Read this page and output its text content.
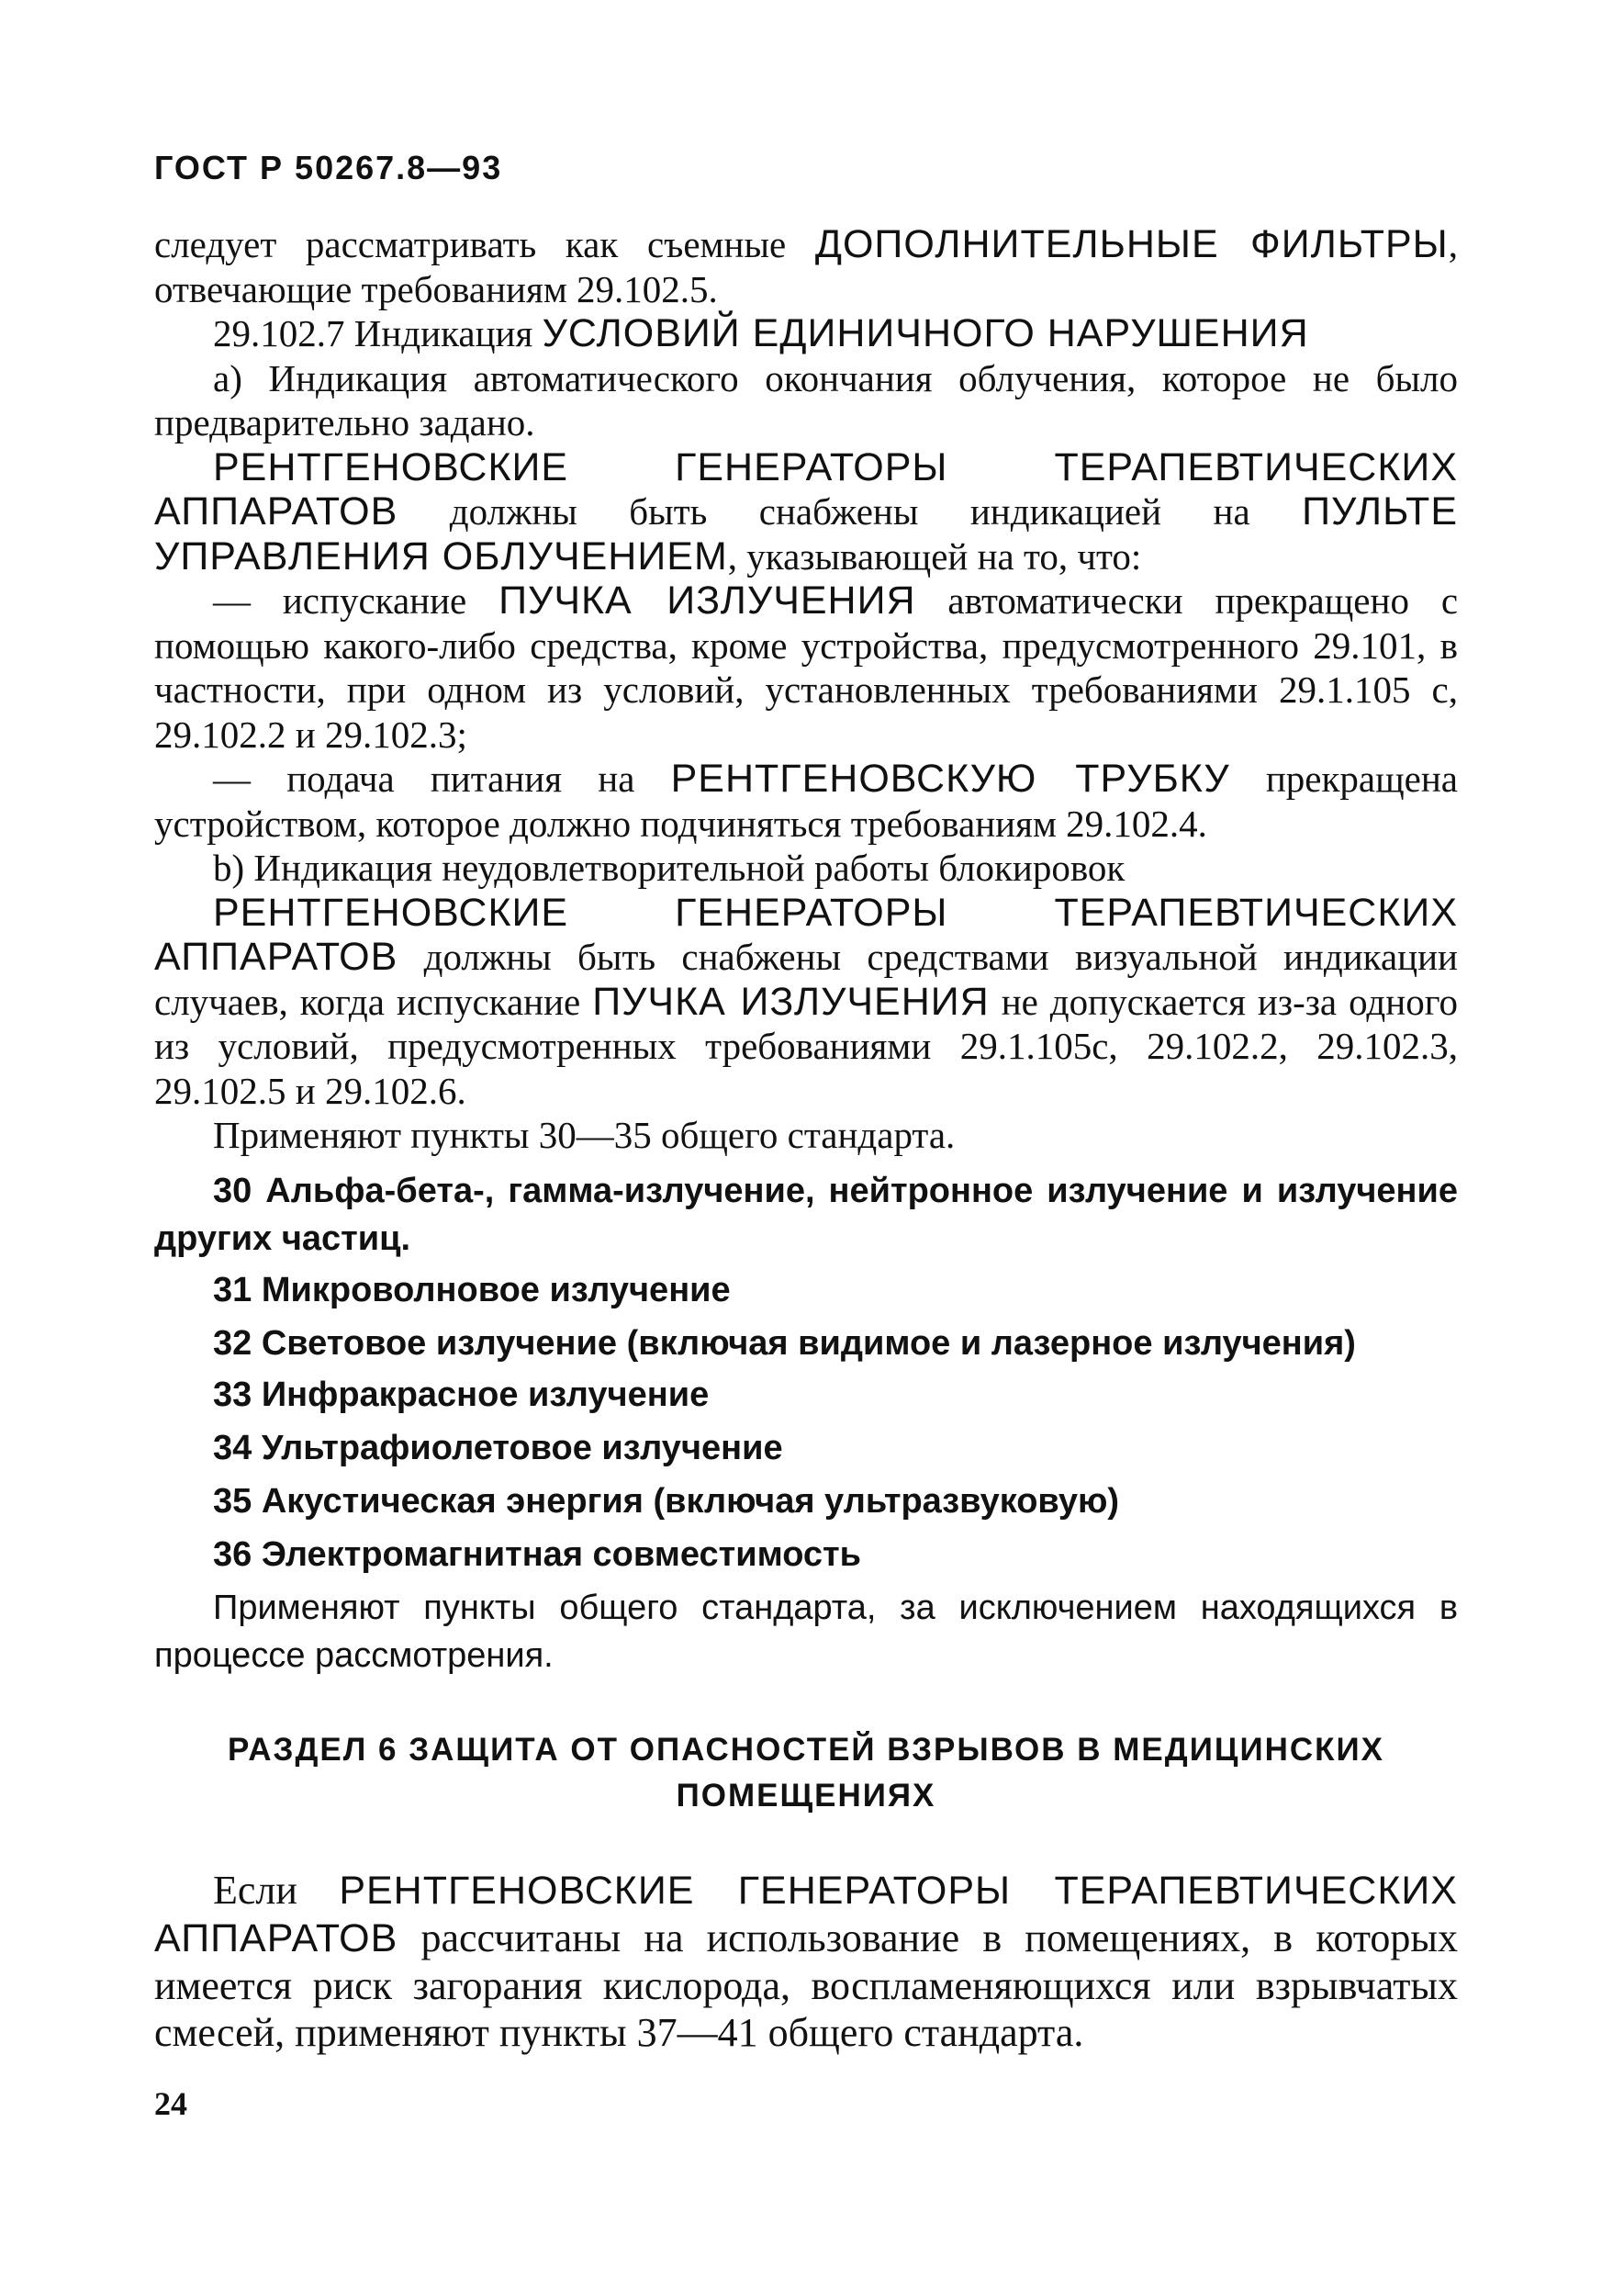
ГОСТ Р 50267.8—93

следует рассматривать как съемные ДОПОЛНИТЕЛЬНЫЕ ФИЛЬТРЫ, отвечающие требованиям 29.102.5.

29.102.7 Индикация УСЛОВИЙ ЕДИНИЧНОГО НАРУШЕНИЯ

а) Индикация автоматического окончания облучения, которое не было предварительно задано.

РЕНТГЕНОВСКИЕ ГЕНЕРАТОРЫ ТЕРАПЕВТИЧЕСКИХ АППАРАТОВ должны быть снабжены индикацией на ПУЛЬТЕ УПРАВЛЕНИЯ ОБЛУЧЕНИЕМ, указывающей на то, что:

— испускание ПУЧКА ИЗЛУЧЕНИЯ автоматически прекращено с помощью какого-либо средства, кроме устройства, предусмотренного 29.101, в частности, при одном из условий, установленных требованиями 29.1.105 с, 29.102.2 и 29.102.3;

— подача питания на РЕНТГЕНОВСКУЮ ТРУБКУ прекращена устройством, которое должно подчиняться требованиям 29.102.4.

b) Индикация неудовлетворительной работы блокировок

РЕНТГЕНОВСКИЕ ГЕНЕРАТОРЫ ТЕРАПЕВТИЧЕСКИХ АППАРАТОВ должны быть снабжены средствами визуальной индикации случаев, когда испускание ПУЧКА ИЗЛУЧЕНИЯ не допускается из-за одного из условий, предусмотренных требованиями 29.1.105с, 29.102.2, 29.102.3, 29.102.5 и 29.102.6.

Применяют пункты 30—35 общего стандарта.

30 Альфа-бета-, гамма-излучение, нейтронное излучение и излучение других частиц.

31 Микроволновое излучение

32 Световое излучение (включая видимое и лазерное излучения)

33 Инфракрасное излучение

34 Ультрафиолетовое излучение

35 Акустическая энергия (включая ультразвуковую)

36 Электромагнитная совместимость

Применяют пункты общего стандарта, за исключением находящихся в процессе рассмотрения.

РАЗДЕЛ 6 ЗАЩИТА ОТ ОПАСНОСТЕЙ ВЗРЫВОВ В МЕДИЦИНСКИХ ПОМЕЩЕНИЯХ

Если РЕНТГЕНОВСКИЕ ГЕНЕРАТОРЫ ТЕРАПЕВТИЧЕСКИХ АППАРАТОВ рассчитаны на использование в помещениях, в которых имеется риск загорания кислорода, воспламеняющихся или взрывчатых смесей, применяют пункты 37—41 общего стандарта.

24
